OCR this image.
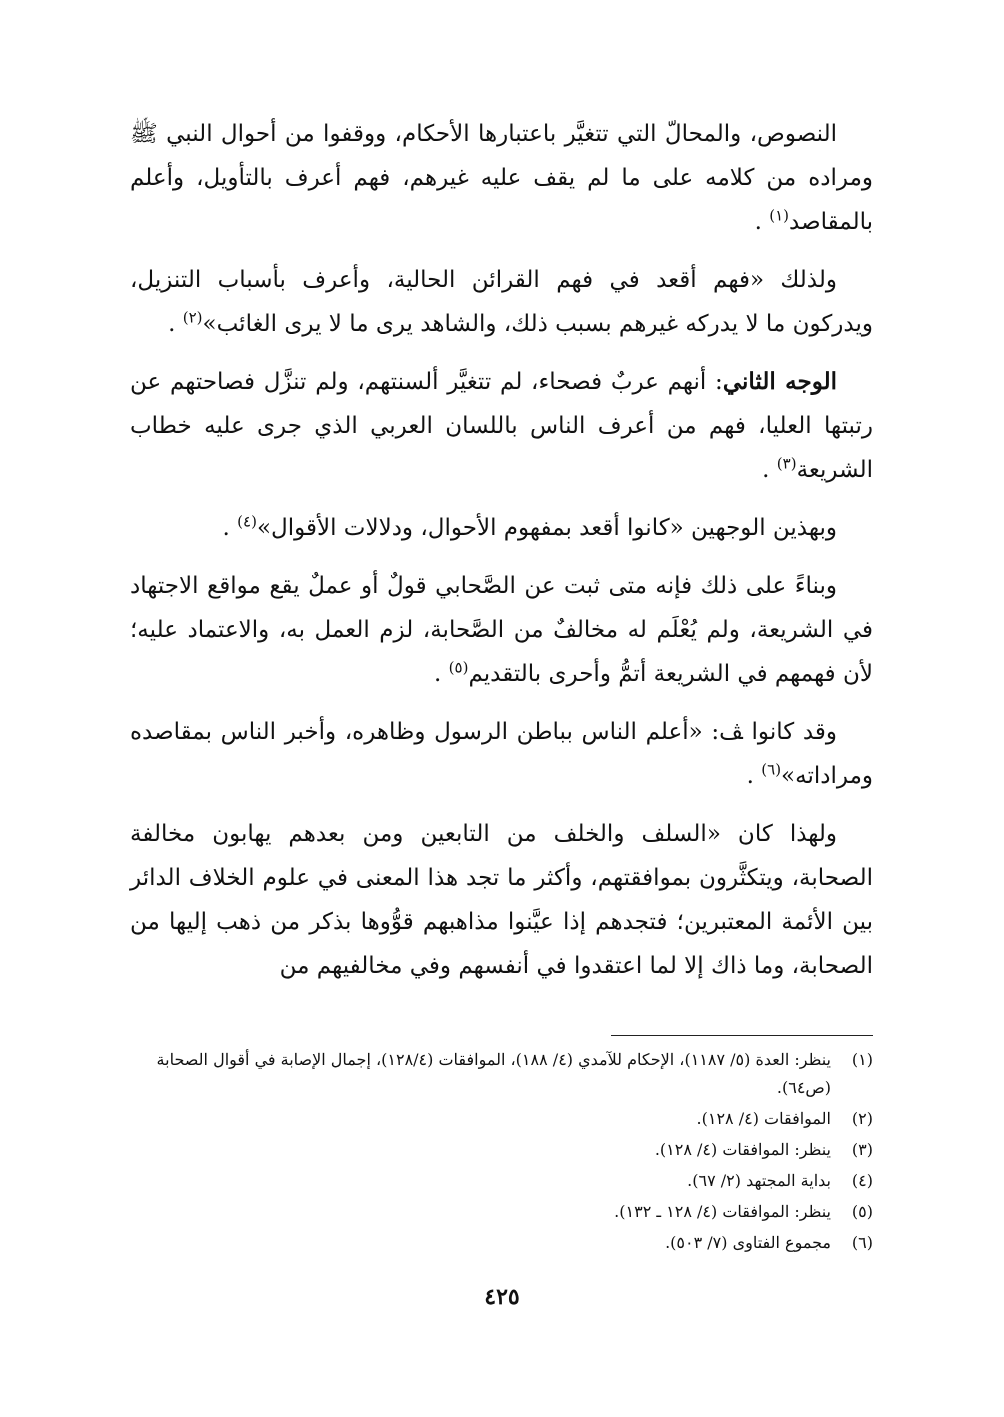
النصوص، والمحالّ التي تتغيَّر باعتبارها الأحكام، ووقفوا من أحوال النبي ﷺ ومراده من كلامه على ما لم يقف عليه غيرهم، فهم أعرف بالتأويل، وأعلم بالمقاصد$^{(١)}$ .

ولذلك «فهم أقعد في فهم القرائن الحالية، وأعرف بأسباب التنزيل، ويدركون ما لا يدركه غيرهم بسبب ذلك، والشاهد يرى ما لا يرى الغائب»$^{(٢)}$ .

الوجه الثاني: أنهم عربٌ فصحاء، لم تتغيَّر ألسنتهم، ولم تنزَّل فصاحتهم عن رتبتها العليا، فهم من أعرف الناس باللسان العربي الذي جرى عليه خطاب الشريعة$^{(٣)}$ .

وبهذين الوجهين «كانوا أقعد بمفهوم الأحوال، ودلالات الأقوال»$^{(٤)}$ .

وبناءً على ذلك فإنه متى ثبت عن الصَّحابي قولٌ أو عملٌ يقع مواقع الاجتهاد في الشريعة، ولم يُعْلَم له مخالفٌ من الصَّحابة، لزم العمل به، والاعتماد عليه؛ لأن فهمهم في الشريعة أتمُّ وأحرى بالتقديم$^{(٥)}$ .

وقد كانوا ﭫ: «أعلم الناس بباطن الرسول وظاهره، وأخبر الناس بمقاصده ومراداته»$^{(٦)}$ .

ولهذا كان «السلف والخلف من التابعين ومن بعدهم يهابون مخالفة الصحابة، ويتكثَّرون بموافقتهم، وأكثر ما تجد هذا المعنى في علوم الخلاف الدائر بين الأئمة المعتبرين؛ فتجدهم إذا عيَّنوا مذاهبهم قوُّوها بذكر من ذهب إليها من الصحابة، وما ذاك إلا لما اعتقدوا في أنفسهم وفي مخالفيهم من

(١)
ينظر: العدة (٥/ ١١٨٧)، الإحكام للآمدي (٤/ ١٨٨)، الموافقات (١٢٨/٤)، إجمال الإصابة في أقوال الصحابة (ص٦٤).
(٢)
الموافقات (٤/ ١٢٨).
(٣)
ينظر: الموافقات (٤/ ١٢٨).
(٤)
بداية المجتهد (٢/ ٦٧).
(٥)
ينظر: الموافقات (٤/ ١٢٨ ـ ١٣٢).
(٦)
مجموع الفتاوى (٧/ ٥٠٣).
٤٢٥
